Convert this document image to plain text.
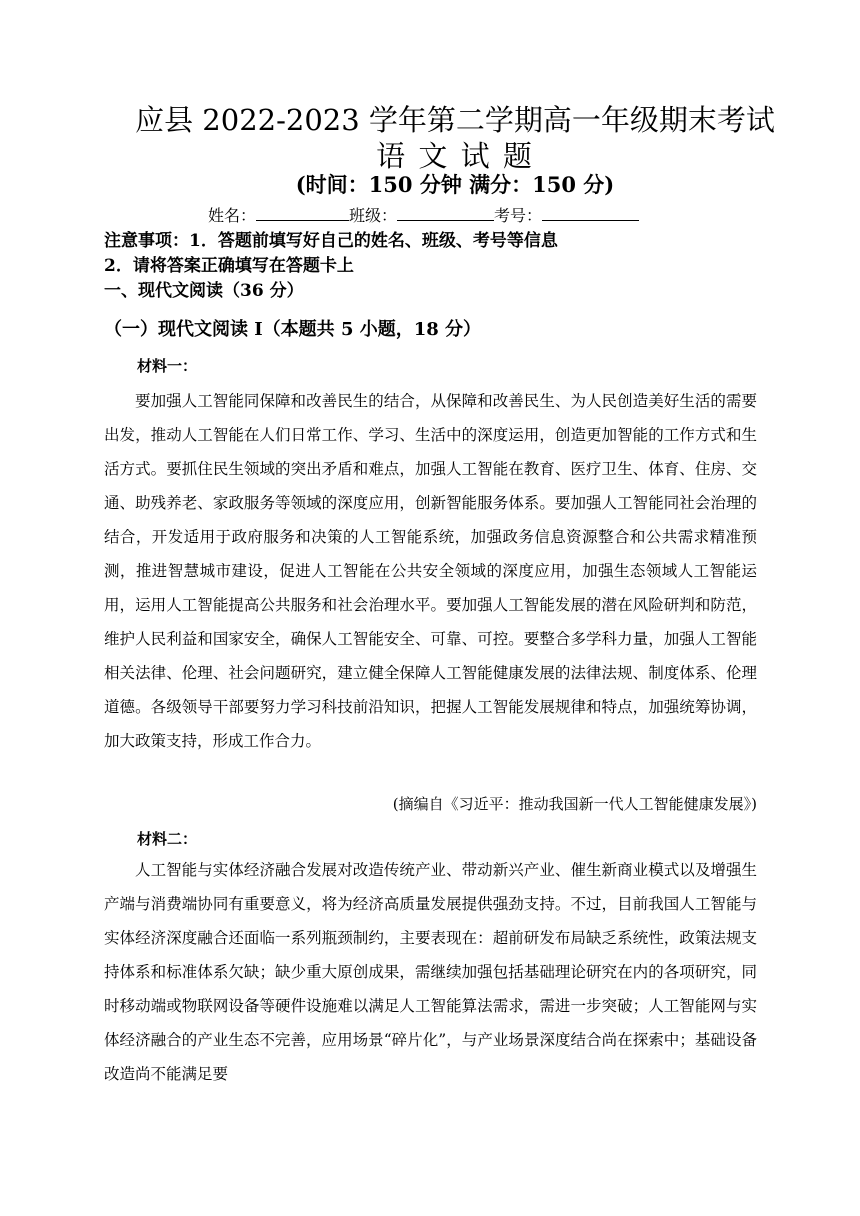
应县 2022-2023 学年第二学期高一年级期末考试
语 文 试 题
(时间：150 分钟 满分：150 分)
姓名：	班级：	考号：
注意事项：1．答题前填写好自己的姓名、班级、考号等信息
2．请将答案正确填写在答题卡上
一、现代文阅读（36 分）
（一）现代文阅读 I（本题共 5 小题，18 分）
材料一：
要加强人工智能同保障和改善民生的结合，从保障和改善民生、为人民创造美好生活的需要出发，推动人工智能在人们日常工作、学习、生活中的深度运用，创造更加智能的工作方式和生活方式。要抓住民生领域的突出矛盾和难点，加强人工智能在教育、医疗卫生、体育、住房、交通、助残养老、家政服务等领域的深度应用，创新智能服务体系。要加强人工智能同社会治理的结合，开发适用于政府服务和决策的人工智能系统，加强政务信息资源整合和公共需求精准预测，推进智慧城市建设，促进人工智能在公共安全领域的深度应用，加强生态领域人工智能运用，运用人工智能提高公共服务和社会治理水平。要加强人工智能发展的潜在风险研判和防范，维护人民利益和国家安全，确保人工智能安全、可靠、可控。要整合多学科力量，加强人工智能相关法律、伦理、社会问题研究，建立健全保障人工智能健康发展的法律法规、制度体系、伦理道德。各级领导干部要努力学习科技前沿知识，把握人工智能发展规律和特点，加强统筹协调，加大政策支持，形成工作合力。
(摘编自《习近平：推动我国新一代人工智能健康发展》)
材料二：
人工智能与实体经济融合发展对改造传统产业、带动新兴产业、催生新商业模式以及增强生产端与消费端协同有重要意义，将为经济高质量发展提供强劲支持。不过，目前我国人工智能与实体经济深度融合还面临一系列瓶颈制约，主要表现在：超前研发布局缺乏系统性，政策法规支持体系和标准体系欠缺；缺少重大原创成果，需继续加强包括基础理论研究在内的各项研究，同时移动端或物联网设备等硬件设施难以满足人工智能算法需求，需进一步突破；人工智能网与实体经济融合的产业生态不完善，应用场景“碎片化”，与产业场景深度结合尚在探索中；基础设备改造尚不能满足要
